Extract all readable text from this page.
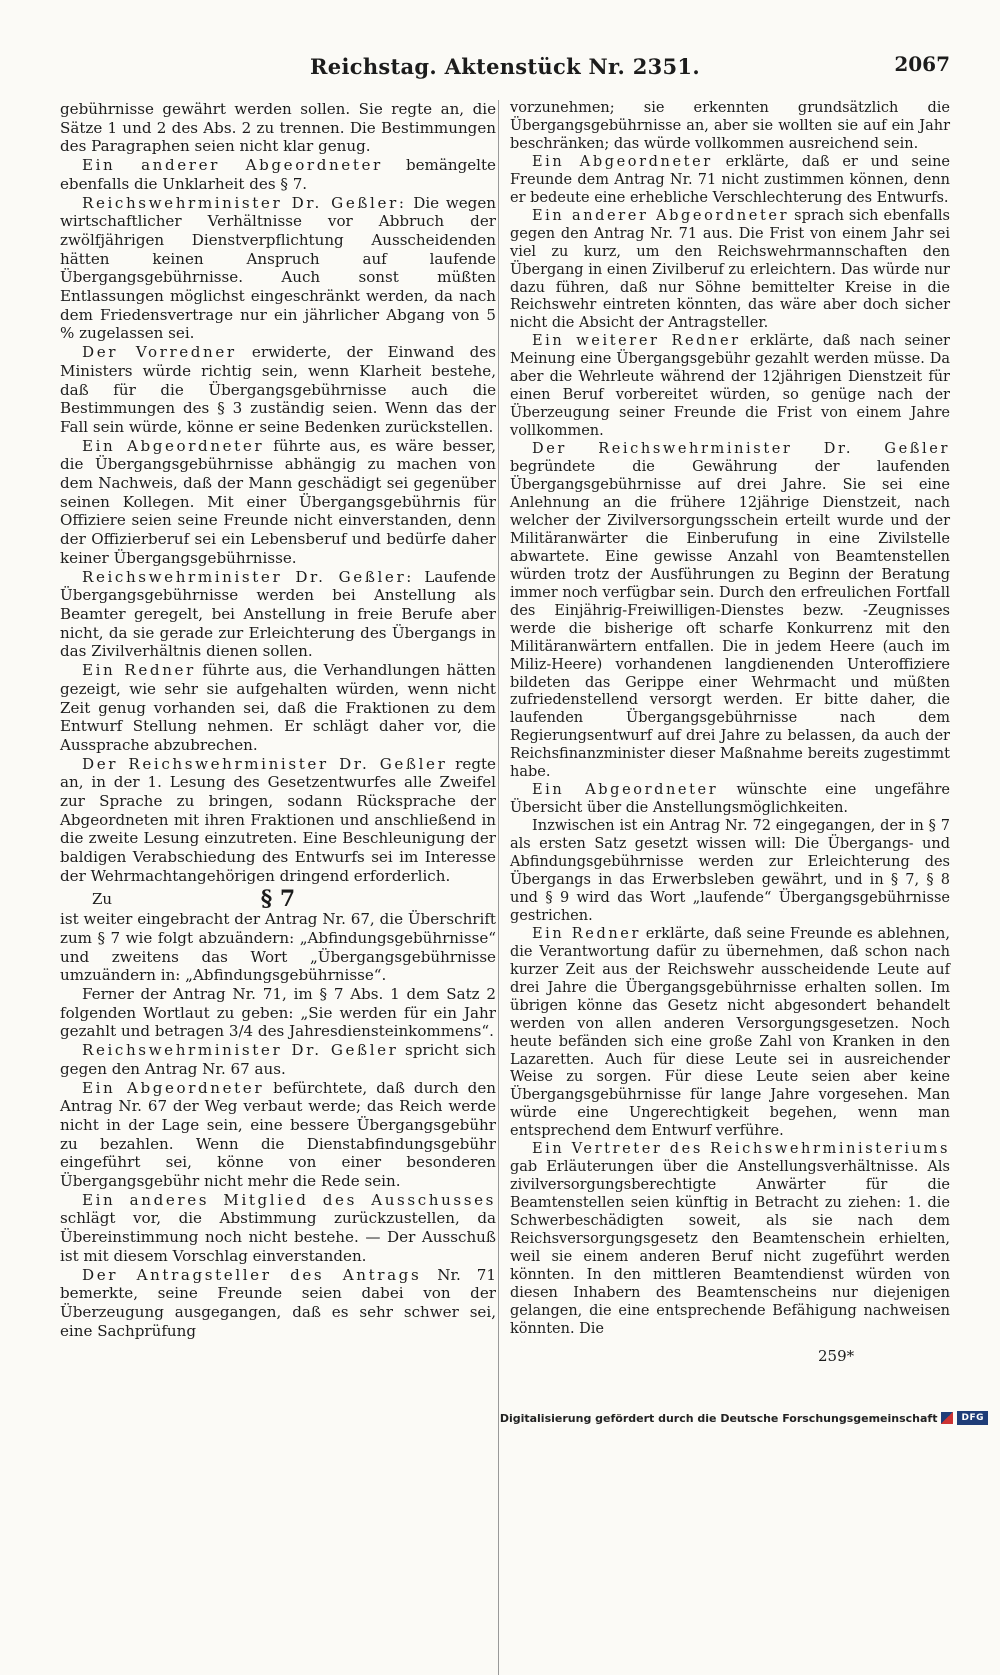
Reichstag. Aktenstück Nr. 2351.	2067

gebührnisse gewährt werden sollen. Sie regte an, die Sätze 1 und 2 des Abs. 2 zu trennen. Die Bestimmungen des Paragraphen seien nicht klar genug.

Ein anderer Abgeordneter bemängelte ebenfalls die Unklarheit des § 7.

Reichswehrminister Dr. Geßler: Die wegen wirtschaftlicher Verhältnisse vor Abbruch der zwölfjährigen Dienstverpflichtung Ausscheidenden hätten keinen Anspruch auf laufende Übergangsgebührnisse. Auch sonst müßten Entlassungen möglichst eingeschränkt werden, da nach dem Friedensvertrage nur ein jährlicher Abgang von 5 % zugelassen sei.

Der Vorredner erwiderte, der Einwand des Ministers würde richtig sein, wenn Klarheit bestehe, daß für die Übergangsgebührnisse auch die Bestimmungen des § 3 zuständig seien. Wenn das der Fall sein würde, könne er seine Bedenken zurückstellen.

Ein Abgeordneter führte aus, es wäre besser, die Übergangsgebührnisse abhängig zu machen von dem Nachweis, daß der Mann geschädigt sei gegenüber seinen Kollegen. Mit einer Übergangsgebührnis für Offiziere seien seine Freunde nicht einverstanden, denn der Offizierberuf sei ein Lebensberuf und bedürfe daher keiner Übergangsgebührnisse.

Reichswehrminister Dr. Geßler: Laufende Übergangsgebührnisse werden bei Anstellung als Beamter geregelt, bei Anstellung in freie Berufe aber nicht, da sie gerade zur Erleichterung des Übergangs in das Zivilverhältnis dienen sollen.

Ein Redner führte aus, die Verhandlungen hätten gezeigt, wie sehr sie aufgehalten würden, wenn nicht Zeit genug vorhanden sei, daß die Fraktionen zu dem Entwurf Stellung nehmen. Er schlägt daher vor, die Aussprache abzubrechen.

Der Reichswehrminister Dr. Geßler regte an, in der 1. Lesung des Gesetzentwurfes alle Zweifel zur Sprache zu bringen, sodann Rücksprache der Abgeordneten mit ihren Fraktionen und anschließend in die zweite Lesung einzutreten. Eine Beschleunigung der baldigen Verabschiedung des Entwurfs sei im Interesse der Wehrmachtangehörigen dringend erforderlich.

Zu	§ 7

ist weiter eingebracht der Antrag Nr. 67, die Überschrift zum § 7 wie folgt abzuändern: „Abfindungsgebührnisse“ und zweitens das Wort „Übergangsgebührnisse umzuändern in: „Abfindungsgebührnisse“.

Ferner der Antrag Nr. 71, im § 7 Abs. 1 dem Satz 2 folgenden Wortlaut zu geben: „Sie werden für ein Jahr gezahlt und betragen 3/4 des Jahresdiensteinkommens“.

Reichswehrminister Dr. Geßler spricht sich gegen den Antrag Nr. 67 aus.

Ein Abgeordneter befürchtete, daß durch den Antrag Nr. 67 der Weg verbaut werde; das Reich werde nicht in der Lage sein, eine bessere Übergangsgebühr zu bezahlen. Wenn die Dienstabfindungsgebühr eingeführt sei, könne von einer besonderen Übergangsgebühr nicht mehr die Rede sein.

Ein anderes Mitglied des Ausschusses schlägt vor, die Abstimmung zurückzustellen, da Übereinstimmung noch nicht bestehe. — Der Ausschuß ist mit diesem Vorschlag einverstanden.

Der Antragsteller des Antrags Nr. 71 bemerkte, seine Freunde seien dabei von der Überzeugung ausgegangen, daß es sehr schwer sei, eine Sachprüfung

vorzunehmen; sie erkennten grundsätzlich die Übergangsgebührnisse an, aber sie wollten sie auf ein Jahr beschränken; das würde vollkommen ausreichend sein.

Ein Abgeordneter erklärte, daß er und seine Freunde dem Antrag Nr. 71 nicht zustimmen können, denn er bedeute eine erhebliche Verschlechterung des Entwurfs.

Ein anderer Abgeordneter sprach sich ebenfalls gegen den Antrag Nr. 71 aus. Die Frist von einem Jahr sei viel zu kurz, um den Reichswehrmannschaften den Übergang in einen Zivilberuf zu erleichtern. Das würde nur dazu führen, daß nur Söhne bemittelter Kreise in die Reichswehr eintreten könnten, das wäre aber doch sicher nicht die Absicht der Antragsteller.

Ein weiterer Redner erklärte, daß nach seiner Meinung eine Übergangsgebühr gezahlt werden müsse. Da aber die Wehrleute während der 12jährigen Dienstzeit für einen Beruf vorbereitet würden, so genüge nach der Überzeugung seiner Freunde die Frist von einem Jahre vollkommen.

Der Reichswehrminister Dr. Geßler begründete die Gewährung der laufenden Übergangsgebührnisse auf drei Jahre. Sie sei eine Anlehnung an die frühere 12jährige Dienstzeit, nach welcher der Zivilversorgungsschein erteilt wurde und der Militäranwärter die Einberufung in eine Zivilstelle abwartete. Eine gewisse Anzahl von Beamtenstellen würden trotz der Ausführungen zu Beginn der Beratung immer noch verfügbar sein. Durch den erfreulichen Fortfall des Einjährig-Freiwilligen-Dienstes bezw. -Zeugnisses werde die bisherige oft scharfe Konkurrenz mit den Militäranwärtern entfallen. Die in jedem Heere (auch im Miliz-Heere) vorhandenen langdienenden Unteroffiziere bildeten das Gerippe einer Wehrmacht und müßten zufriedenstellend versorgt werden. Er bitte daher, die laufenden Übergangsgebührnisse nach dem Regierungsentwurf auf drei Jahre zu belassen, da auch der Reichsfinanzminister dieser Maßnahme bereits zugestimmt habe.

Ein Abgeordneter wünschte eine ungefähre Übersicht über die Anstellungsmöglichkeiten.

Inzwischen ist ein Antrag Nr. 72 eingegangen, der in § 7 als ersten Satz gesetzt wissen will: Die Übergangs- und Abfindungsgebührnisse werden zur Erleichterung des Übergangs in das Erwerbsleben gewährt, und in § 7, § 8 und § 9 wird das Wort „laufende“ Übergangsgebührnisse gestrichen.

Ein Redner erklärte, daß seine Freunde es ablehnen, die Verantwortung dafür zu übernehmen, daß schon nach kurzer Zeit aus der Reichswehr ausscheidende Leute auf drei Jahre die Übergangsgebührnisse erhalten sollen. Im übrigen könne das Gesetz nicht abgesondert behandelt werden von allen anderen Versorgungsgesetzen. Noch heute befänden sich eine große Zahl von Kranken in den Lazaretten. Auch für diese Leute sei in ausreichender Weise zu sorgen. Für diese Leute seien aber keine Übergangsgebührnisse für lange Jahre vorgesehen. Man würde eine Ungerechtigkeit begehen, wenn man entsprechend dem Entwurf verführe.

Ein Vertreter des Reichswehrministeriums gab Erläuterungen über die Anstellungsverhältnisse. Als zivilversorgungsberechtigte Anwärter für die Beamtenstellen seien künftig in Betracht zu ziehen: 1. die Schwerbeschädigten soweit, als sie nach dem Reichsversorgungsgesetz den Beamtenschein erhielten, weil sie einem anderen Beruf nicht zugeführt werden könnten. In den mittleren Beamtendienst würden von diesen Inhabern des Beamtenscheins nur diejenigen gelangen, die eine entsprechende Befähigung nachweisen könnten. Die

259*
Digitalisierung gefördert durch die Deutsche Forschungsgemeinschaft	DFG
